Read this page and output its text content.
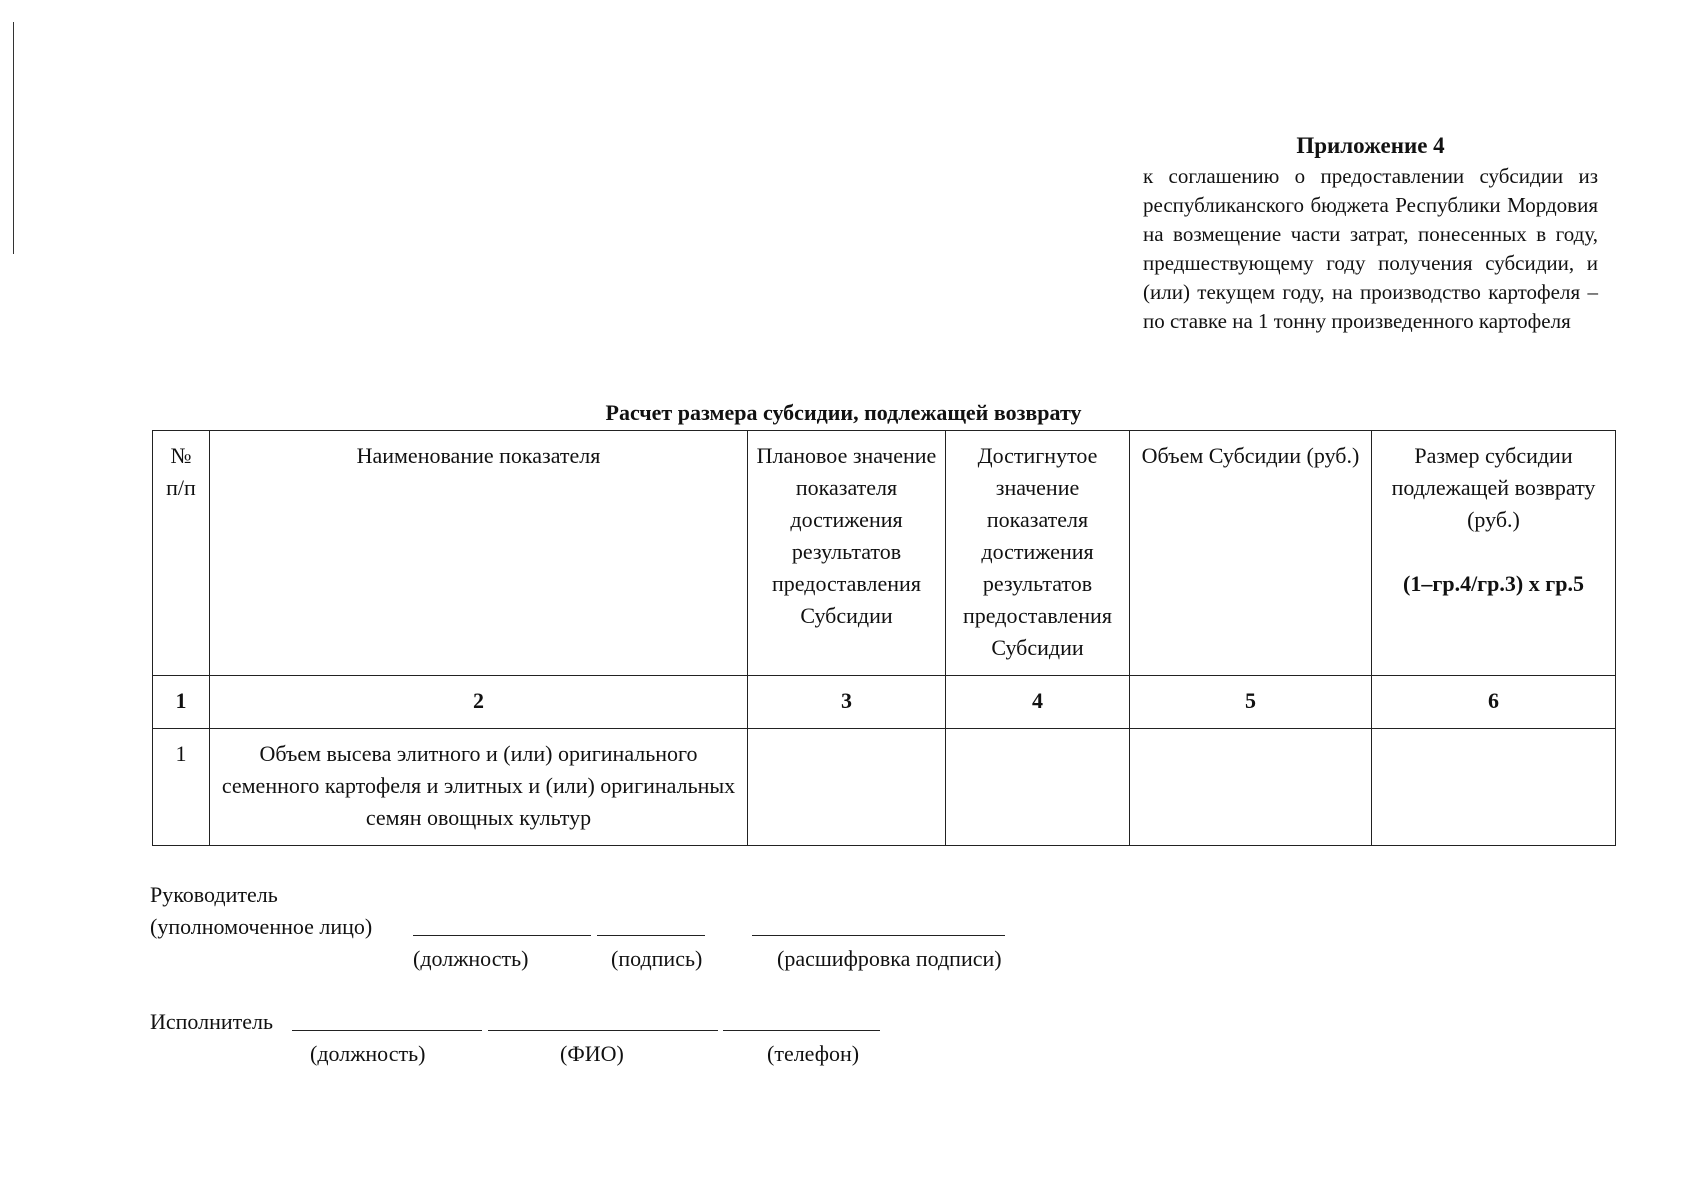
Приложение 4
к соглашению о предоставлении субсидии из республиканского бюджета Республики Мордовия на возмещение части затрат, понесенных в году, предшествующему году получения субсидии, и (или) текущем году, на производство картофеля – по ставке на 1 тонну произведенного картофеля
Расчет размера субсидии, подлежащей возврату
№ п/п	Наименование показателя	Плановое значение показателя достижения результатов предоставления Субсидии	Достигнутое значение показателя достижения результатов предоставления Субсидии	Объем Субсидии (руб.)	Размер субсидии подлежащей возврату (руб.)
(1–гр.4/гр.3) х гр.5

1	2	3	4	5	6
1	Объем высева элитного и (или) оригинального семенного картофеля и элитных и (или) оригинальных семян овощных культур				
Руководитель
(уполномоченное лицо)
(должность)	(подпись)	(расшифровка подписи)
Исполнитель
(должность)	(ФИО)	(телефон)
